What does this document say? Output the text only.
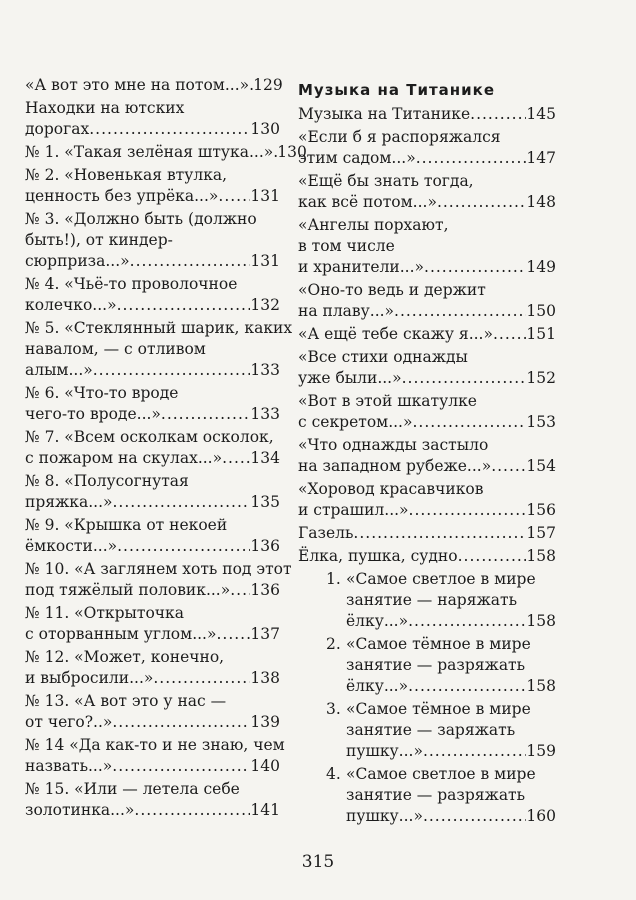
«А вот это мне на потом...» ..... 129
Находки на ютских
дорогах .....	130
№ 1. «Такая зелёная штука...» ..... 130
№ 2. «Новенькая втулка,
ценность без упрёка...» ..... 131
№ 3. «Должно быть (должно
быть!), от киндер-
сюрприза...» .....	131
№ 4. «Чьё-то проволочное
колечко...» .....	132
№ 5. «Стеклянный шарик, каких
навалом, — с отливом
алым...» .....	133
№ 6. «Что-то вроде
чего-то вроде...» .....	133
№ 7. «Всем осколкам осколок,
с пожаром на скулах...» ..... 134
№ 8. «Полусогнутая
пряжка...» .....	135
№ 9. «Крышка от некоей
ёмкости...» .....	136
№ 10. «А заглянем хоть под этот
под тяжёлый половик...» ..... 136
№ 11. «Открыточка
с оторванным углом...» ..... 137
№ 12. «Может, конечно,
и выбросили...» .....	138
№ 13. «А вот это у нас —
от чего?..» .....	139
№ 14 «Да как-то и не знаю, чем
назвать...» .....	140
№ 15. «Или — летела себе
золотинка...» .....	141
Музыка на Титанике
Музыка на Титанике .....	145
«Если б я распоряжался
этим садом...» .....	147
«Ещё бы знать тогда,
как всё потом...» .....	148
«Ангелы порхают,
в том числе
и хранители...» .....	149
«Оно-то ведь и держит
на плаву...» .....	150
«А ещё тебе скажу я...» ..... 151
«Все стихи однажды
уже были...» .....	152
«Вот в этой шкатулке
с секретом...» .....	153
«Что однажды застыло
на западном рубеже...» ..... 154
«Хоровод красавчиков
и страшил...» .....	156
Газель .....	157
Ёлка, пушка, судно .....	158
1. «Самое светлое в мире
занятие — наряжать
ёлку...» .....	158
2. «Самое тёмное в мире
занятие — разряжать
ёлку...» .....	158
3. «Самое тёмное в мире
занятие — заряжать
пушку...» .....	159
4. «Самое светлое в мире
занятие — разряжать
пушку...» .....	160
315
